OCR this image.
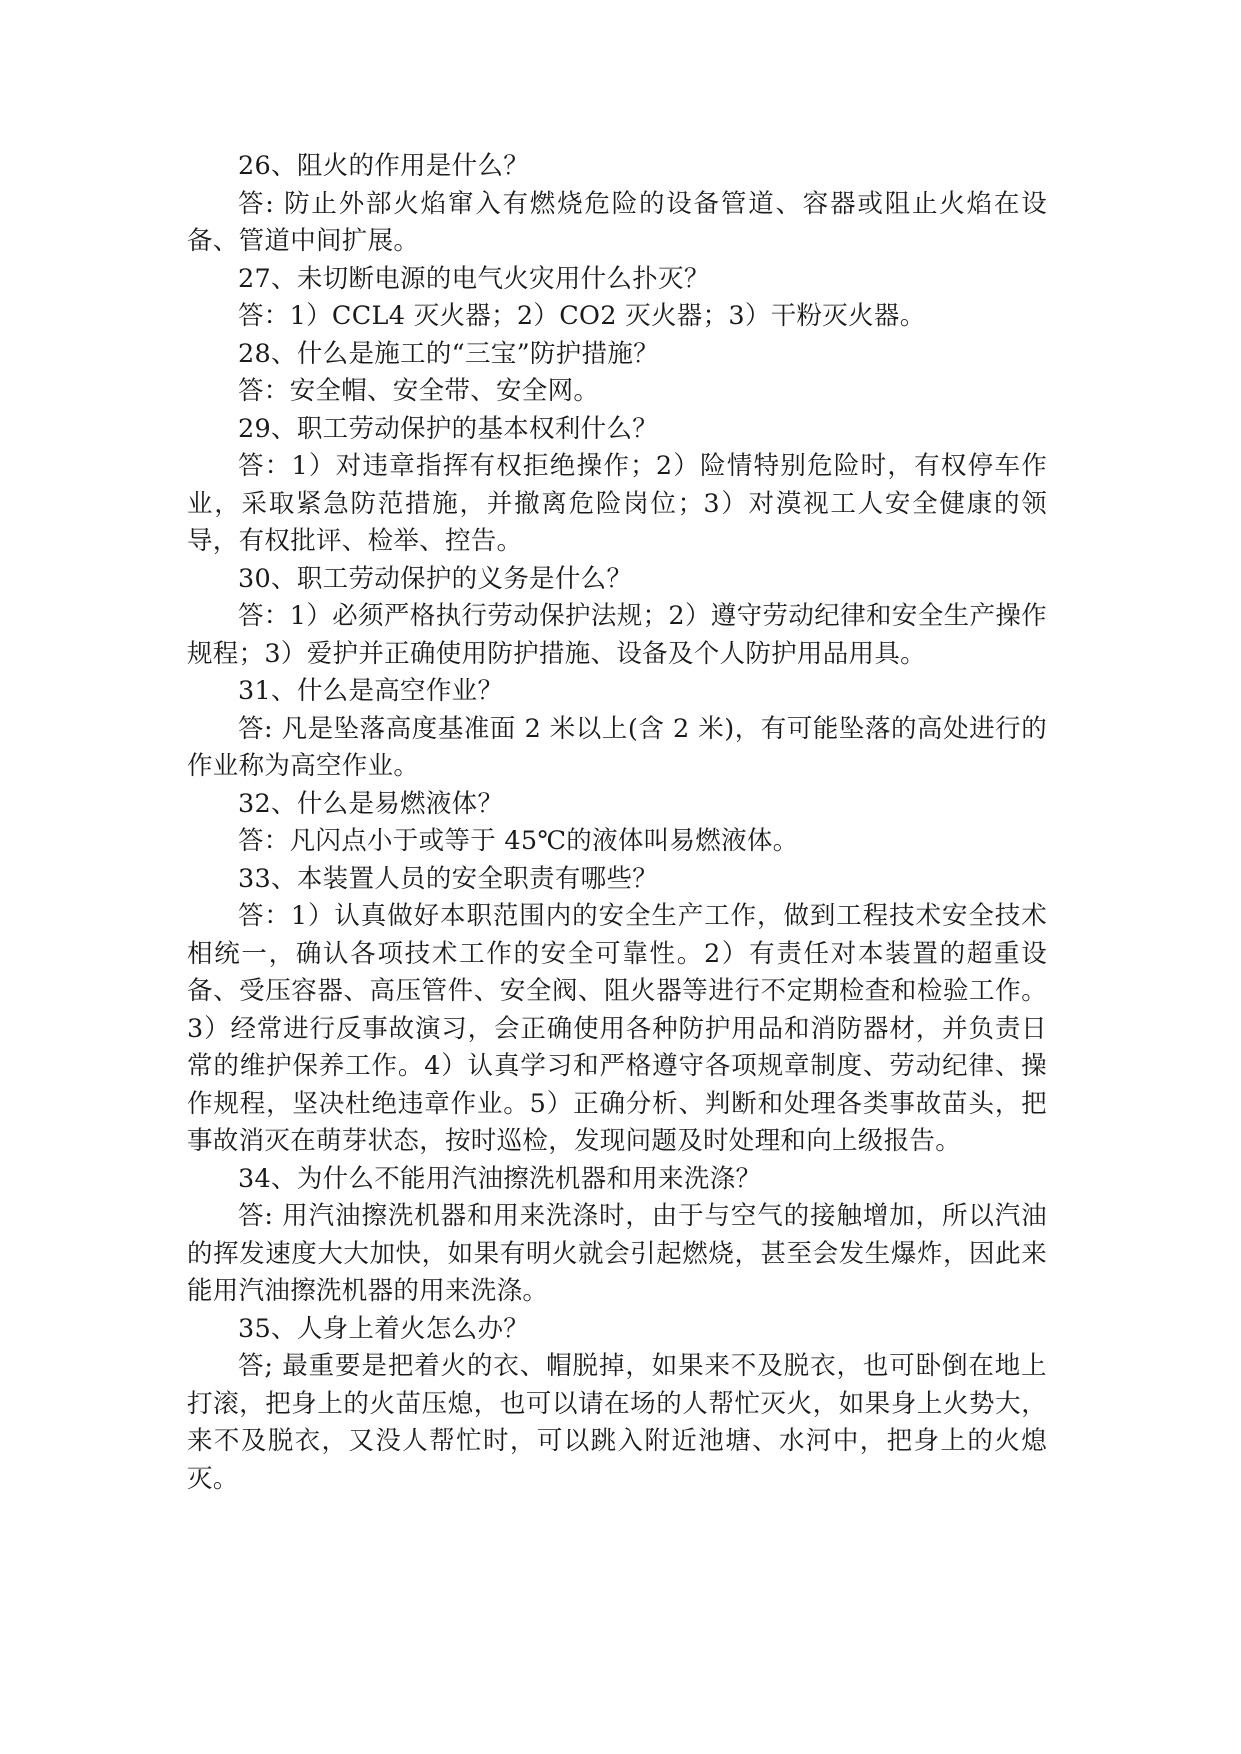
26、阻火的作用是什么？

答: 防止外部火焰窜入有燃烧危险的设备管道、容器或阻止火焰在设备、管道中间扩展。

27、未切断电源的电气火灾用什么扑灭？

答：1）CCL4 灭火器；2）CO2 灭火器；3）干粉灭火器。

28、什么是施工的“三宝”防护措施？

答：安全帽、安全带、安全网。

29、职工劳动保护的基本权利什么？

答：1）对违章指挥有权拒绝操作；2）险情特别危险时，有权停车作业，采取紧急防范措施，并撤离危险岗位；3）对漠视工人安全健康的领导，有权批评、检举、控告。

30、职工劳动保护的义务是什么？

答：1）必须严格执行劳动保护法规；2）遵守劳动纪律和安全生产操作规程；3）爱护并正确使用防护措施、设备及个人防护用品用具。

31、什么是高空作业？

答: 凡是坠落高度基准面 2 米以上(含 2 米)，有可能坠落的高处进行的作业称为高空作业。

32、什么是易燃液体？

答：凡闪点小于或等于 45℃的液体叫易燃液体。

33、本装置人员的安全职责有哪些？

答：1）认真做好本职范围内的安全生产工作，做到工程技术安全技术相统一，确认各项技术工作的安全可靠性。2）有责任对本装置的超重设备、受压容器、高压管件、安全阀、阻火器等进行不定期检查和检验工作。3）经常进行反事故演习，会正确使用各种防护用品和消防器材，并负责日常的维护保养工作。4）认真学习和严格遵守各项规章制度、劳动纪律、操作规程，坚决杜绝违章作业。5）正确分析、判断和处理各类事故苗头，把事故消灭在萌芽状态，按时巡检，发现问题及时处理和向上级报告。

34、为什么不能用汽油擦洗机器和用来洗涤？

答: 用汽油擦洗机器和用来洗涤时，由于与空气的接触增加，所以汽油的挥发速度大大加快，如果有明火就会引起燃烧，甚至会发生爆炸，因此来能用汽油擦洗机器的用来洗涤。

35、人身上着火怎么办？

答; 最重要是把着火的衣、帽脱掉，如果来不及脱衣，也可卧倒在地上打滚，把身上的火苗压熄，也可以请在场的人帮忙灭火，如果身上火势大，来不及脱衣，又没人帮忙时，可以跳入附近池塘、水河中，把身上的火熄灭。
